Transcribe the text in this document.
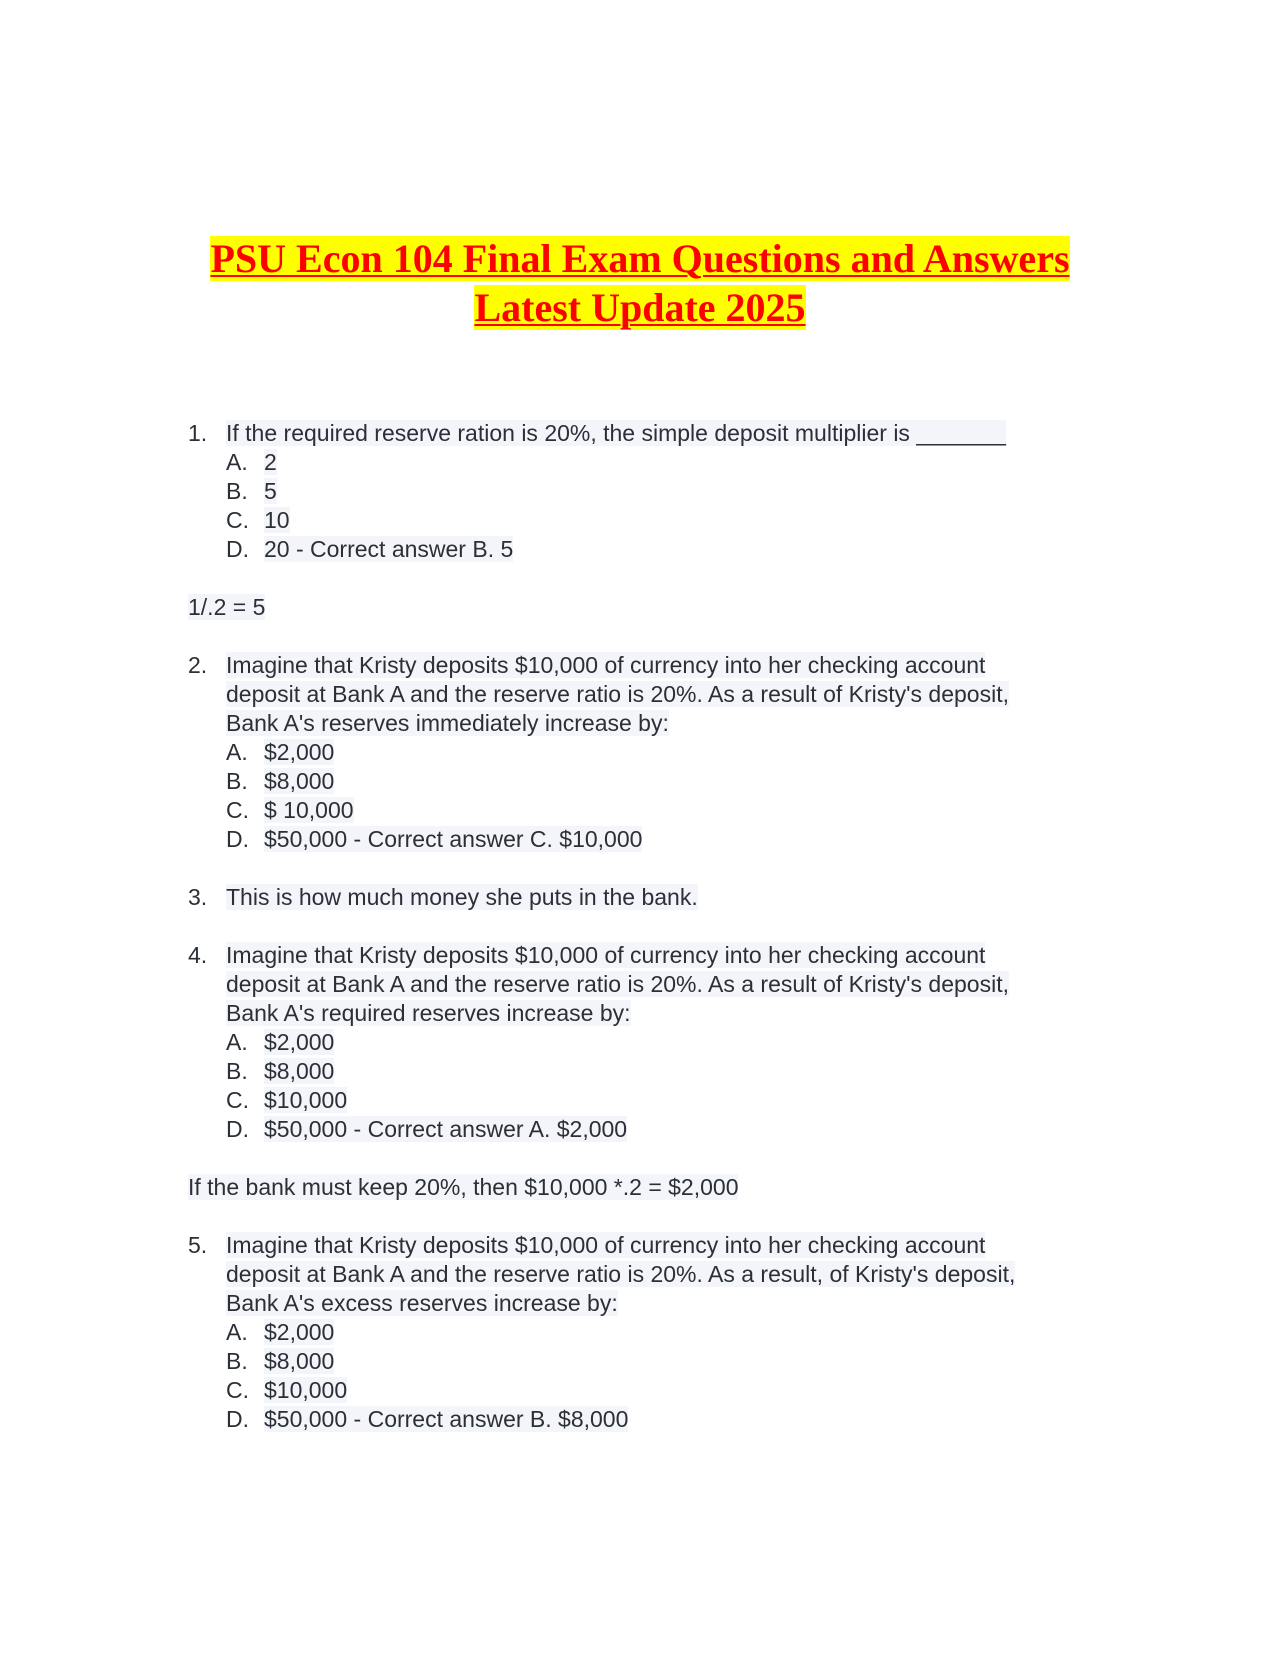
PSU Econ 104 Final Exam Questions and Answers
Latest Update 2025
1. If the required reserve ration is 20%, the simple deposit multiplier is _______
A. 2
B. 5
C. 10
D. 20 - Correct answer B. 5
1/.2 = 5
2. Imagine that Kristy deposits $10,000 of currency into her checking account
deposit at Bank A and the reserve ratio is 20%. As a result of Kristy's deposit,
Bank A's reserves immediately increase by:
A. $2,000
B. $8,000
C. $ 10,000
D. $50,000 - Correct answer C. $10,000
3. This is how much money she puts in the bank.
4. Imagine that Kristy deposits $10,000 of currency into her checking account
deposit at Bank A and the reserve ratio is 20%. As a result of Kristy's deposit,
Bank A's required reserves increase by:
A. $2,000
B. $8,000
C. $10,000
D. $50,000 - Correct answer A. $2,000
If the bank must keep 20%, then $10,000 *.2 = $2,000
5. Imagine that Kristy deposits $10,000 of currency into her checking account
deposit at Bank A and the reserve ratio is 20%. As a result, of Kristy's deposit,
Bank A's excess reserves increase by:
A. $2,000
B. $8,000
C. $10,000
D. $50,000 - Correct answer B. $8,000
